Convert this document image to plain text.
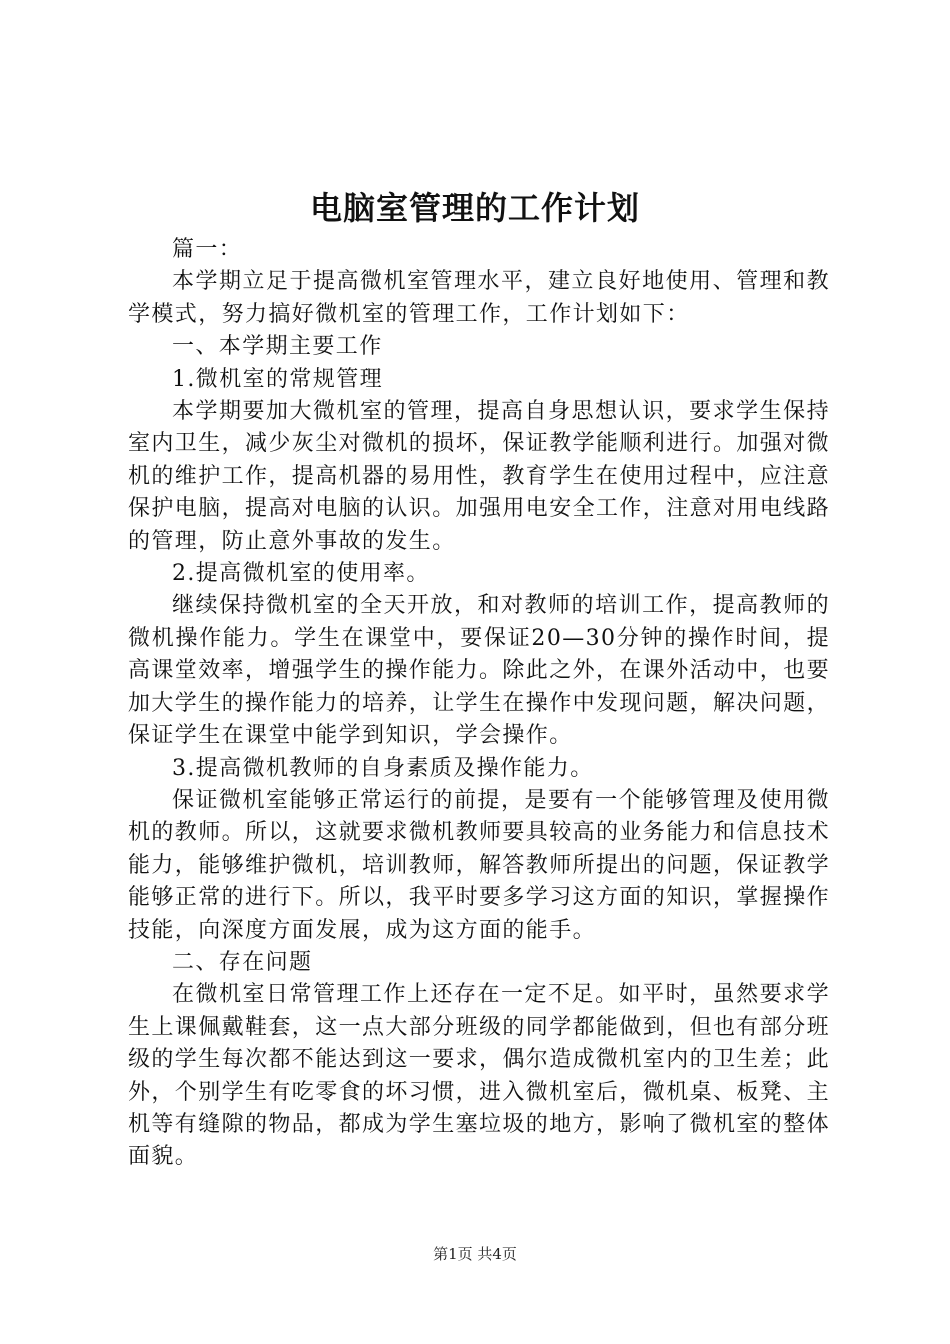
电脑室管理的工作计划

篇一：

本学期立足于提高微机室管理水平，建立良好地使用、管理和教学模式，努力搞好微机室的管理工作，工作计划如下：

一、本学期主要工作

1.微机室的常规管理

本学期要加大微机室的管理，提高自身思想认识，要求学生保持室内卫生，减少灰尘对微机的损坏，保证教学能顺利进行。加强对微机的维护工作，提高机器的易用性，教育学生在使用过程中，应注意保护电脑，提高对电脑的认识。加强用电安全工作，注意对用电线路的管理，防止意外事故的发生。

2.提高微机室的使用率。

继续保持微机室的全天开放，和对教师的培训工作，提高教师的微机操作能力。学生在课堂中，要保证20—30分钟的操作时间，提高课堂效率，增强学生的操作能力。除此之外，在课外活动中，也要加大学生的操作能力的培养，让学生在操作中发现问题，解决问题，保证学生在课堂中能学到知识，学会操作。

3.提高微机教师的自身素质及操作能力。

保证微机室能够正常运行的前提，是要有一个能够管理及使用微机的教师。所以，这就要求微机教师要具较高的业务能力和信息技术能力，能够维护微机，培训教师，解答教师所提出的问题，保证教学能够正常的进行下。所以，我平时要多学习这方面的知识，掌握操作技能，向深度方面发展，成为这方面的能手。

二、存在问题

在微机室日常管理工作上还存在一定不足。如平时，虽然要求学生上课佩戴鞋套，这一点大部分班级的同学都能做到，但也有部分班级的学生每次都不能达到这一要求，偶尔造成微机室内的卫生差；此外，个别学生有吃零食的坏习惯，进入微机室后，微机桌、板凳、主机等有缝隙的物品，都成为学生塞垃圾的地方，影响了微机室的整体面貌。

第1页 共4页
